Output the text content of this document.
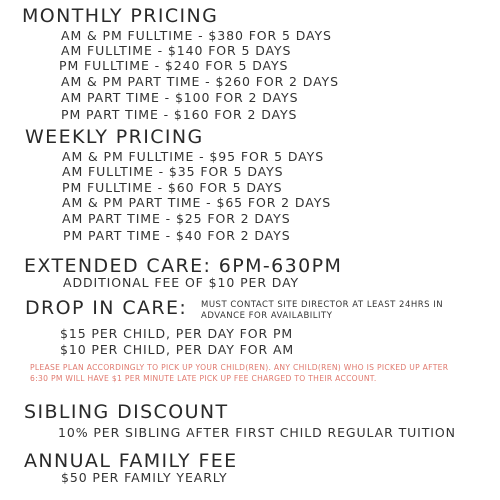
MONTHLY PRICING
AM & PM FULLTIME - $380 FOR 5 DAYS
AM FULLTIME - $140 FOR 5 DAYS
PM FULLTIME - $240 FOR 5 DAYS
AM & PM PART TIME - $260 FOR 2 DAYS
AM PART TIME - $100 FOR 2 DAYS
PM PART TIME - $160 FOR 2 DAYS
WEEKLY PRICING
AM & PM FULLTIME - $95 FOR 5 DAYS
AM FULLTIME - $35 FOR 5 DAYS
PM FULLTIME - $60 FOR 5 DAYS
AM & PM PART TIME - $65 FOR 2 DAYS
AM PART TIME - $25 FOR 2 DAYS
PM PART TIME - $40 FOR 2 DAYS
EXTENDED CARE: 6PM-630PM
ADDITIONAL FEE OF $10 PER DAY
DROP IN CARE: MUST CONTACT SITE DIRECTOR AT LEAST 24HRS IN ADVANCE FOR AVAILABILITY
$15 PER CHILD, PER DAY FOR PM
$10 PER CHILD, PER DAY FOR AM
PLEASE PLAN ACCORDINGLY TO PICK UP YOUR CHILD(REN). ANY CHILD(REN) WHO IS PICKED UP AFTER 6:30 PM WILL HAVE $1 PER MINUTE LATE PICK UP FEE CHARGED TO THEIR ACCOUNT.
SIBLING DISCOUNT
10% PER SIBLING AFTER FIRST CHILD REGULAR TUITION
ANNUAL FAMILY FEE
$50 PER FAMILY YEARLY
